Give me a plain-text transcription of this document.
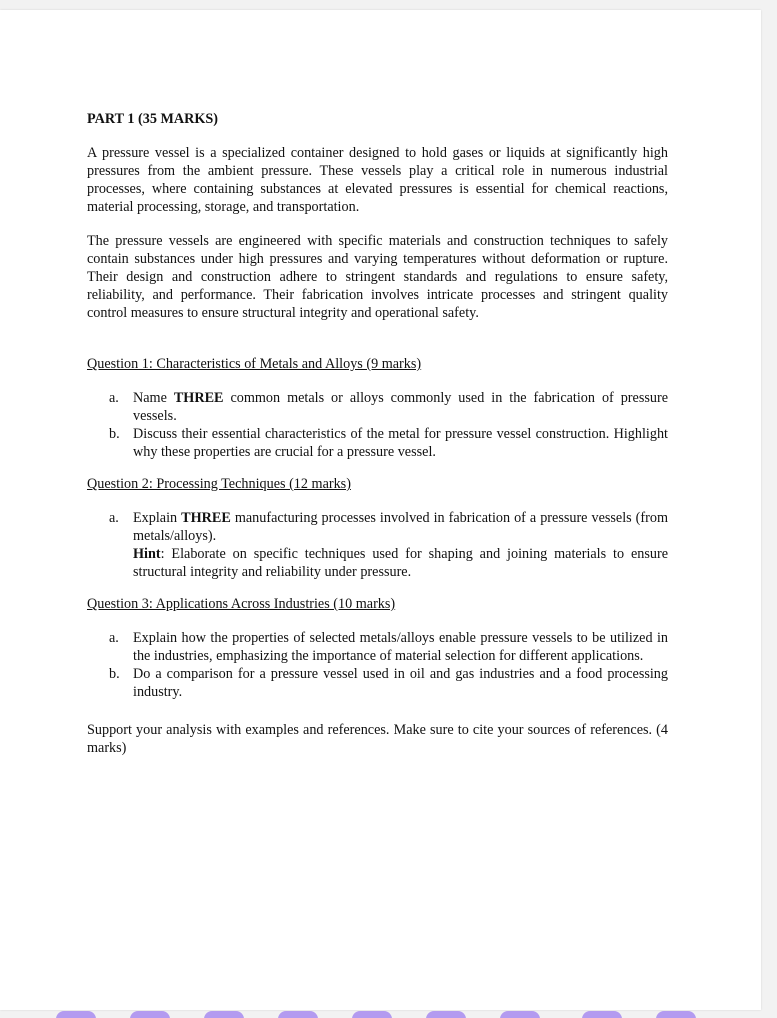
PART 1 (35 MARKS)

A pressure vessel is a specialized container designed to hold gases or liquids at significantly high pressures from the ambient pressure. These vessels play a critical role in numerous industrial processes, where containing substances at elevated pressures is essential for chemical reactions, material processing, storage, and transportation.

The pressure vessels are engineered with specific materials and construction techniques to safely contain substances under high pressures and varying temperatures without deformation or rupture. Their design and construction adhere to stringent standards and regulations to ensure safety, reliability, and performance. Their fabrication involves intricate processes and stringent quality control measures to ensure structural integrity and operational safety.

Question 1: Characteristics of Metals and Alloys (9 marks)
a. Name THREE common metals or alloys commonly used in the fabrication of pressure vessels.
b. Discuss their essential characteristics of the metal for pressure vessel construction. Highlight why these properties are crucial for a pressure vessel.
Question 2: Processing Techniques (12 marks)
a. Explain THREE manufacturing processes involved in fabrication of a pressure vessels (from metals/alloys).
Hint: Elaborate on specific techniques used for shaping and joining materials to ensure structural integrity and reliability under pressure.
Question 3: Applications Across Industries (10 marks)
a. Explain how the properties of selected metals/alloys enable pressure vessels to be utilized in the industries, emphasizing the importance of material selection for different applications.
b. Do a comparison for a pressure vessel used in oil and gas industries and a food processing industry.

Support your analysis with examples and references. Make sure to cite your sources of references. (4 marks)
